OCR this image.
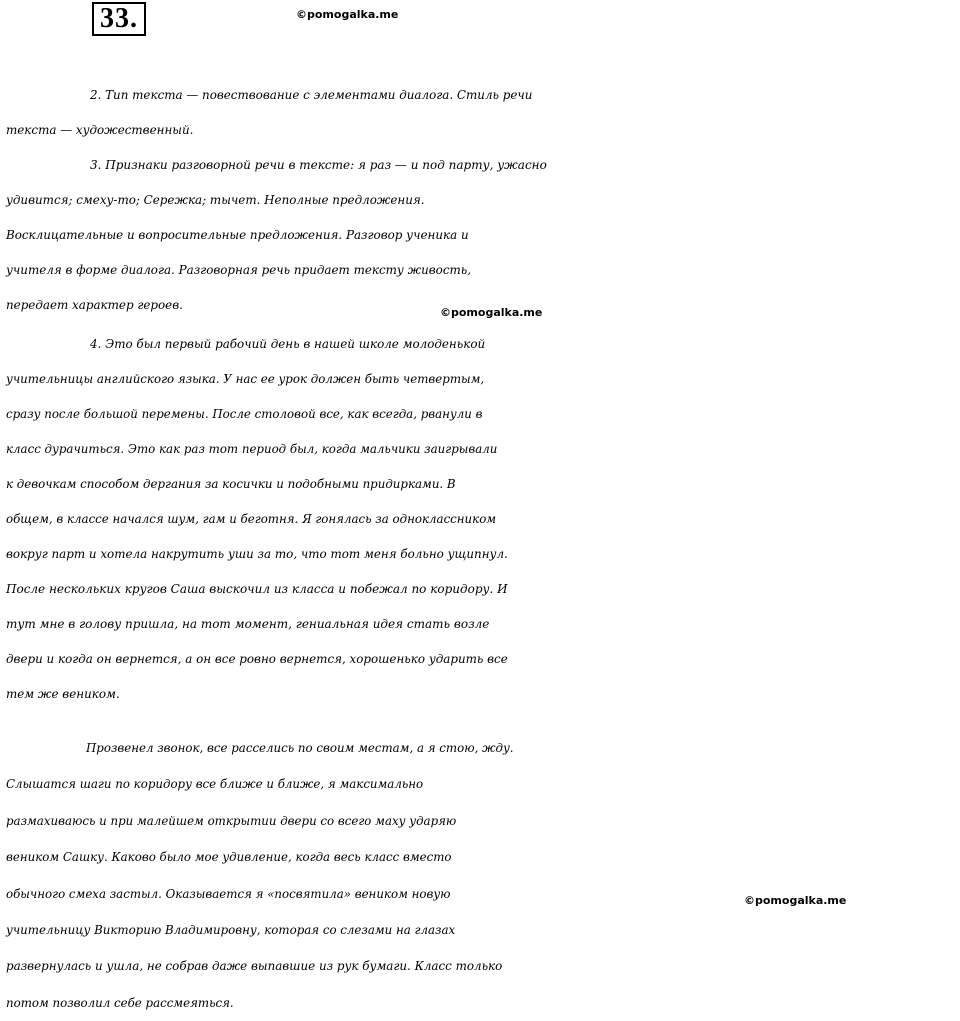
33.	©pomogalka.me
©pomogalka.me
©pomogalka.me
2. Тип текста — повествование с элементами диалога. Стиль речи
текста — художественный.
3. Признаки разговорной речи в тексте: я раз — и под парту, ужасно
удивится; смеху-то; Сережка; тычет. Неполные предложения.
Восклицательные и вопросительные предложения. Разговор ученика и
учителя в форме диалога. Разговорная речь придает тексту живость,
передает характер героев.
4. Это был первый рабочий день в нашей школе молоденькой
учительницы английского языка. У нас ее урок должен быть четвертым,
сразу после большой перемены. После столовой все, как всегда, рванули в
класс дурачиться. Это как раз тот период был, когда мальчики заигрывали
к девочкам способом дергания за косички и подобными придирками. В
общем, в классе начался шум, гам и беготня. Я гонялась за одноклассником
вокруг парт и хотела накрутить уши за то, что тот меня больно ущипнул.
После нескольких кругов Саша выскочил из класса и побежал по коридору. И
тут мне в голову пришла, на тот момент, гениальная идея стать возле
двери и когда он вернется, а он все ровно вернется, хорошенько ударить все
тем же веником.
Прозвенел звонок, все расселись по своим местам, а я стою, жду.
Слышатся шаги по коридору все ближе и ближе, я максимально
размахиваюсь и при малейшем открытии двери со всего маху ударяю
веником Сашку. Каково было мое удивление, когда весь класс вместо
обычного смеха застыл. Оказывается я «посвятила» веником новую
учительницу Викторию Владимировну, которая со слезами на глазах
развернулась и ушла, не собрав даже выпавшие из рук бумаги. Класс только
потом позволил себе рассмеяться.
